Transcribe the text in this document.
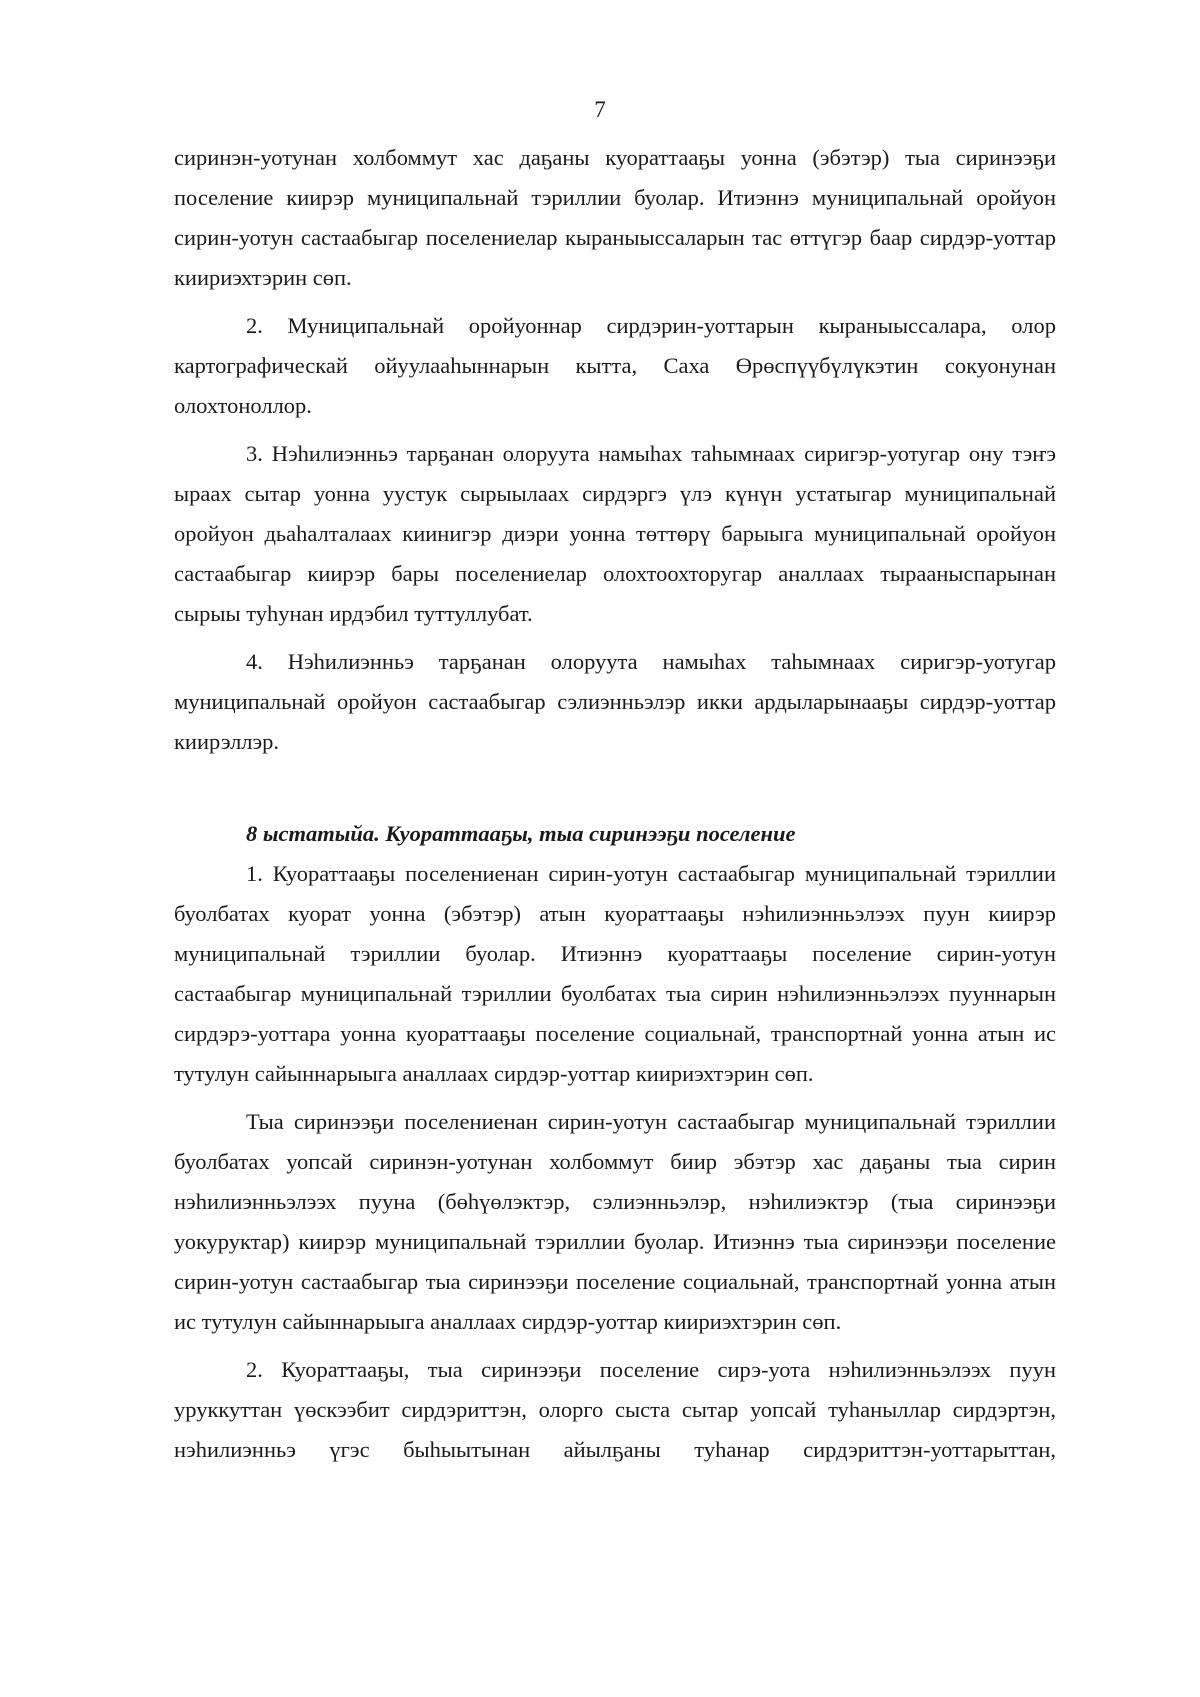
7

сиринэн-уотунан холбоммут хас даҕаны куораттааҕы уонна (эбэтэр) тыа сиринээҕи поселение киирэр муниципальнай тэриллии буолар. Итиэннэ муниципальнай оройуон сирин-уотун састаабыгар поселениелар кыраныыссаларын тас өттүгэр баар сирдэр-уоттар киириэхтэрин сөп.

2. Муниципальнай оройуоннар сирдэрин-уоттарын кыраныыссалара, олор картографическай ойуулааһыннарын кытта, Саха Өрөспүүбүлүкэтин сокуонунан олохтоноллор.

3. Нэһилиэнньэ тарҕанан олоруута намыһах таһымнаах сиригэр-уотугар ону тэҥэ ыраах сытар уонна уустук сырыылаах сирдэргэ үлэ күнүн устатыгар муниципальнай оройуон дьаһалталаах киинигэр диэри уонна төттөрү барыыга муниципальнай оройуон састаабыгар киирэр бары поселениелар олохтоохторугар аналлаах тырааныспарынан сырыы туһунан ирдэбил туттуллубат.

4. Нэһилиэнньэ тарҕанан олоруута намыһах таһымнаах сиригэр-уотугар муниципальнай оройуон састаабыгар сэлиэнньэлэр икки ардыларынааҕы сирдэр-уоттар киирэллэр.

8 ыстатыйа. Куораттааҕы, тыа сиринээҕи поселение

1. Куораттааҕы поселениенан сирин-уотун састаабыгар муниципальнай тэриллии буолбатах куорат уонна (эбэтэр) атын куораттааҕы нэһилиэнньэлээх пуун киирэр муниципальнай тэриллии буолар. Итиэннэ куораттааҕы поселение сирин-уотун састаабыгар муниципальнай тэриллии буолбатах тыа сирин нэһилиэнньэлээх пууннарын сирдэрэ-уоттара уонна куораттааҕы поселение социальнай, транспортнай уонна атын ис тутулун сайыннарыыга аналлаах сирдэр-уоттар киириэхтэрин сөп.

Тыа сиринээҕи поселениенан сирин-уотун састаабыгар муниципальнай тэриллии буолбатах уопсай сиринэн-уотунан холбоммут биир эбэтэр хас даҕаны тыа сирин нэһилиэнньэлээх пууна (бөһүөлэктэр, сэлиэнньэлэр, нэһилиэктэр (тыа сиринээҕи уокуруктар) киирэр муниципальнай тэриллии буолар. Итиэннэ тыа сиринээҕи поселение сирин-уотун састаабыгар тыа сиринээҕи поселение социальнай, транспортнай уонна атын ис тутулун сайыннарыыга аналлаах сирдэр-уоттар киириэхтэрин сөп.

2. Куораттааҕы, тыа сиринээҕи поселение сирэ-уота нэһилиэнньэлээх пуун уруккуттан үөскээбит сирдэриттэн, олорго сыста сытар уопсай туһаныллар сирдэртэн, нэһилиэнньэ үгэс быһыытынан айылҕаны туһанар сирдэриттэн-уоттарыттан,
